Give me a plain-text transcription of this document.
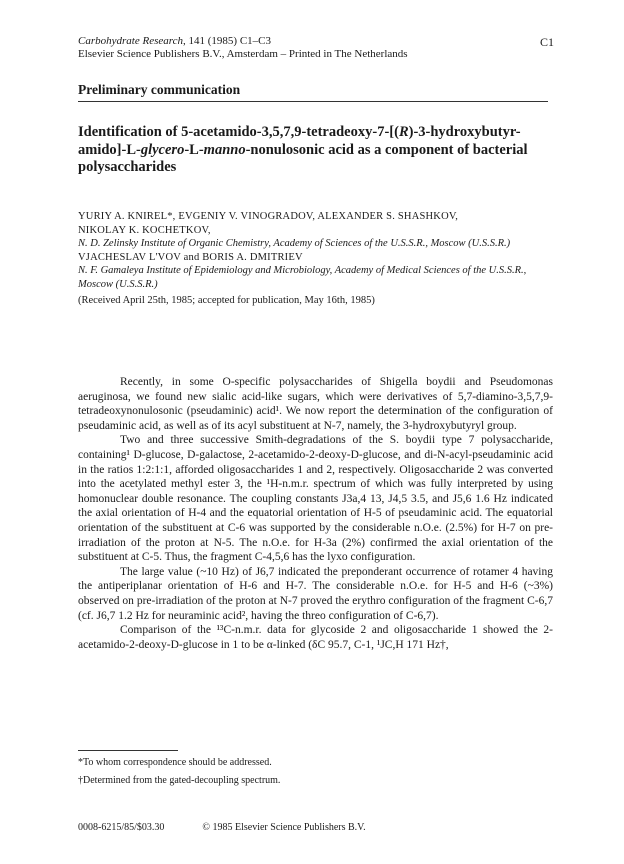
Carbohydrate Research, 141 (1985) C1–C3
Elsevier Science Publishers B.V., Amsterdam – Printed in The Netherlands
C1
Preliminary communication
Identification of 5-acetamido-3,5,7,9-tetradeoxy-7-[(R)-3-hydroxybutyr-amido]-L-glycero-L-manno-nonulosonic acid as a component of bacterial polysaccharides
YURIY A. KNIREL*, EVGENIY V. VINOGRADOV, ALEXANDER S. SHASHKOV,
NIKOLAY K. KOCHETKOV,
N. D. Zelinsky Institute of Organic Chemistry, Academy of Sciences of the U.S.S.R., Moscow (U.S.S.R.)
VJACHESLAV L'VOV and BORIS A. DMITRIEV
N. F. Gamaleya Institute of Epidemiology and Microbiology, Academy of Medical Sciences of the U.S.S.R., Moscow (U.S.S.R.)
(Received April 25th, 1985; accepted for publication, May 16th, 1985)

Recently, in some O-specific polysaccharides of Shigella boydii and Pseudomonas aeruginosa, we found new sialic acid-like sugars, which were derivatives of 5,7-diamino-3,5,7,9-tetradeoxynonulosonic (pseudaminic) acid¹. We now report the determination of the configuration of pseudaminic acid, as well as of its acyl substituent at N-7, namely, the 3-hydroxybutyryl group.

Two and three successive Smith-degradations of the S. boydii type 7 polysaccharide, containing¹ D-glucose, D-galactose, 2-acetamido-2-deoxy-D-glucose, and di-N-acyl-pseudaminic acid in the ratios 1:2:1:1, afforded oligosaccharides 1 and 2, respectively. Oligosaccharide 2 was converted into the acetylated methyl ester 3, the ¹H-n.m.r. spectrum of which was fully interpreted by using homonuclear double resonance. The coupling constants J3a,4 13, J4,5 3.5, and J5,6 1.6 Hz indicated the axial orientation of H-4 and the equatorial orientation of H-5 of pseudaminic acid. The equatorial orientation of the substituent at C-6 was supported by the considerable n.O.e. (2.5%) for H-7 on pre-irradiation of the proton at N-5. The n.O.e. for H-3a (2%) confirmed the axial orientation of the substituent at C-5. Thus, the fragment C-4,5,6 has the lyxo configuration.

The large value (~10 Hz) of J6,7 indicated the preponderant occurrence of rotamer 4 having the antiperiplanar orientation of H-6 and H-7. The considerable n.O.e. for H-5 and H-6 (~3%) observed on pre-irradiation of the proton at N-7 proved the erythro configuration of the fragment C-6,7 (cf. J6,7 1.2 Hz for neuraminic acid², having the threo configuration of C-6,7).

Comparison of the ¹³C-n.m.r. data for glycoside 2 and oligosaccharide 1 showed the 2-acetamido-2-deoxy-D-glucose in 1 to be α-linked (δC 95.7, C-1, ¹JC,H 171 Hz†,

*To whom correspondence should be addressed.
†Determined from the gated-decoupling spectrum.
0008-6215/85/$03.30	© 1985 Elsevier Science Publishers B.V.
